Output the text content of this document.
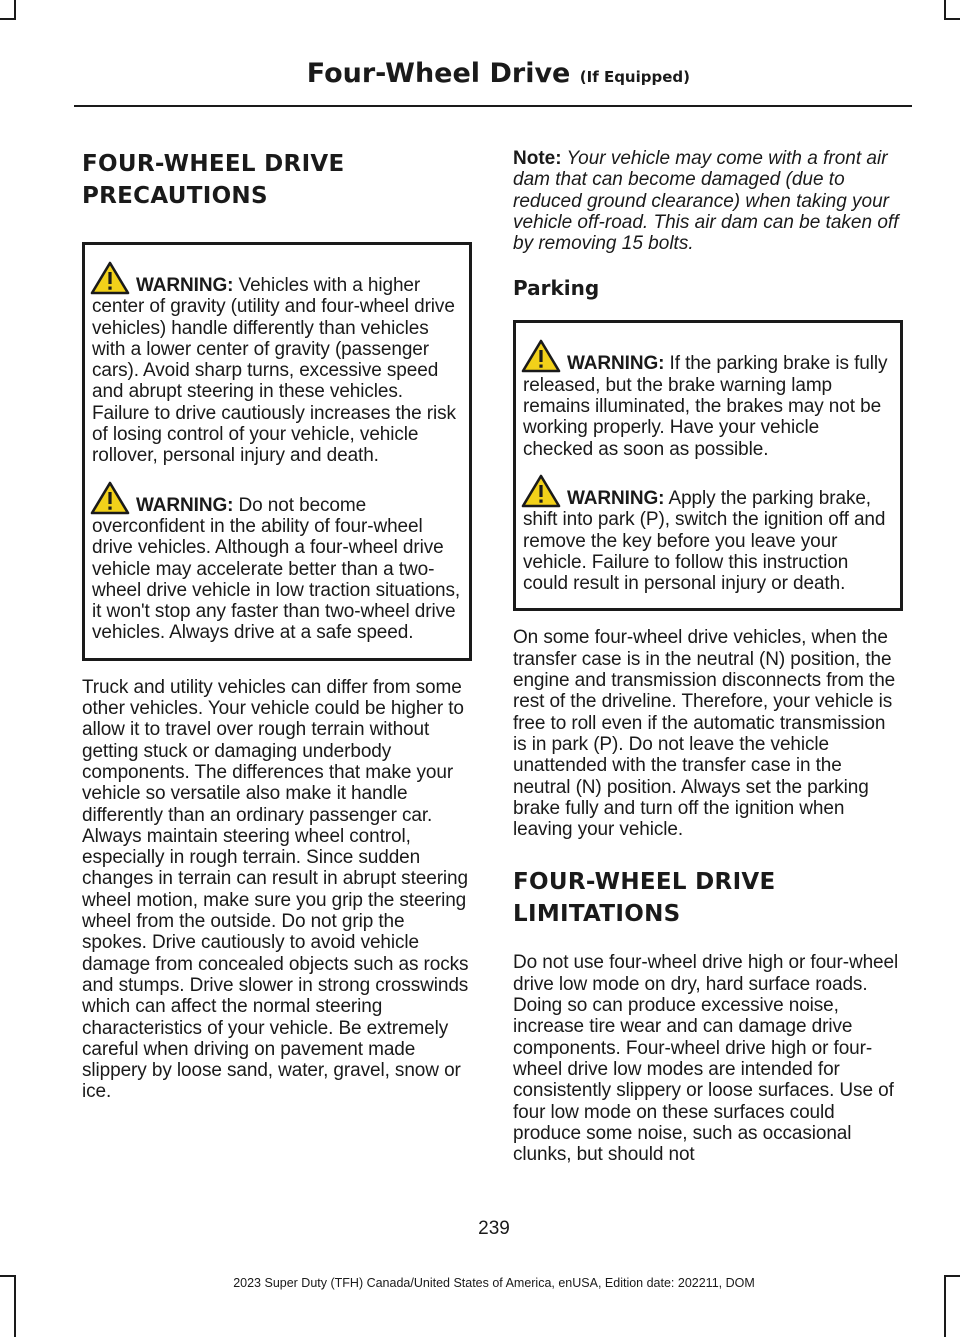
Four-Wheel Drive (If Equipped)
FOUR-WHEEL DRIVE
PRECAUTIONS

WARNING: Vehicles with a higher center of gravity (utility and four-wheel drive vehicles) handle differently than vehicles with a lower center of gravity (passenger cars). Avoid sharp turns, excessive speed and abrupt steering in these vehicles. Failure to drive cautiously increases the risk of losing control of your vehicle, vehicle rollover, personal injury and death.

WARNING: Do not become overconfident in the ability of four-wheel drive vehicles. Although a four-wheel drive vehicle may accelerate better than a two-wheel drive vehicle in low traction situations, it won't stop any faster than two-wheel drive vehicles. Always drive at a safe speed.

Truck and utility vehicles can differ from some other vehicles. Your vehicle could be higher to allow it to travel over rough terrain without getting stuck or damaging underbody components. The differences that make your vehicle so versatile also make it handle differently than an ordinary passenger car. Always maintain steering wheel control, especially in rough terrain. Since sudden changes in terrain can result in abrupt steering wheel motion, make sure you grip the steering wheel from the outside. Do not grip the spokes. Drive cautiously to avoid vehicle damage from concealed objects such as rocks and stumps. Drive slower in strong crosswinds which can affect the normal steering characteristics of your vehicle. Be extremely careful when driving on pavement made slippery by loose sand, water, gravel, snow or ice.

Note: Your vehicle may come with a front air dam that can become damaged (due to reduced ground clearance) when taking your vehicle off-road. This air dam can be taken off by removing 15 bolts.

Parking

WARNING: If the parking brake is fully released, but the brake warning lamp remains illuminated, the brakes may not be working properly. Have your vehicle checked as soon as possible.

WARNING: Apply the parking brake, shift into park (P), switch the ignition off and remove the key before you leave your vehicle. Failure to follow this instruction could result in personal injury or death.

On some four-wheel drive vehicles, when the transfer case is in the neutral (N) position, the engine and transmission disconnects from the rest of the driveline. Therefore, your vehicle is free to roll even if the automatic transmission is in park (P). Do not leave the vehicle unattended with the transfer case in the neutral (N) position. Always set the parking brake fully and turn off the ignition when leaving your vehicle.

FOUR-WHEEL DRIVE
LIMITATIONS

Do not use four-wheel drive high or four-wheel drive low mode on dry, hard surface roads. Doing so can produce excessive noise, increase tire wear and can damage drive components. Four-wheel drive high or four-wheel drive low modes are intended for consistently slippery or loose surfaces. Use of four low mode on these surfaces could produce some noise, such as occasional clunks, but should not

239
2023 Super Duty (TFH) Canada/United States of America, enUSA, Edition date: 202211, DOM
